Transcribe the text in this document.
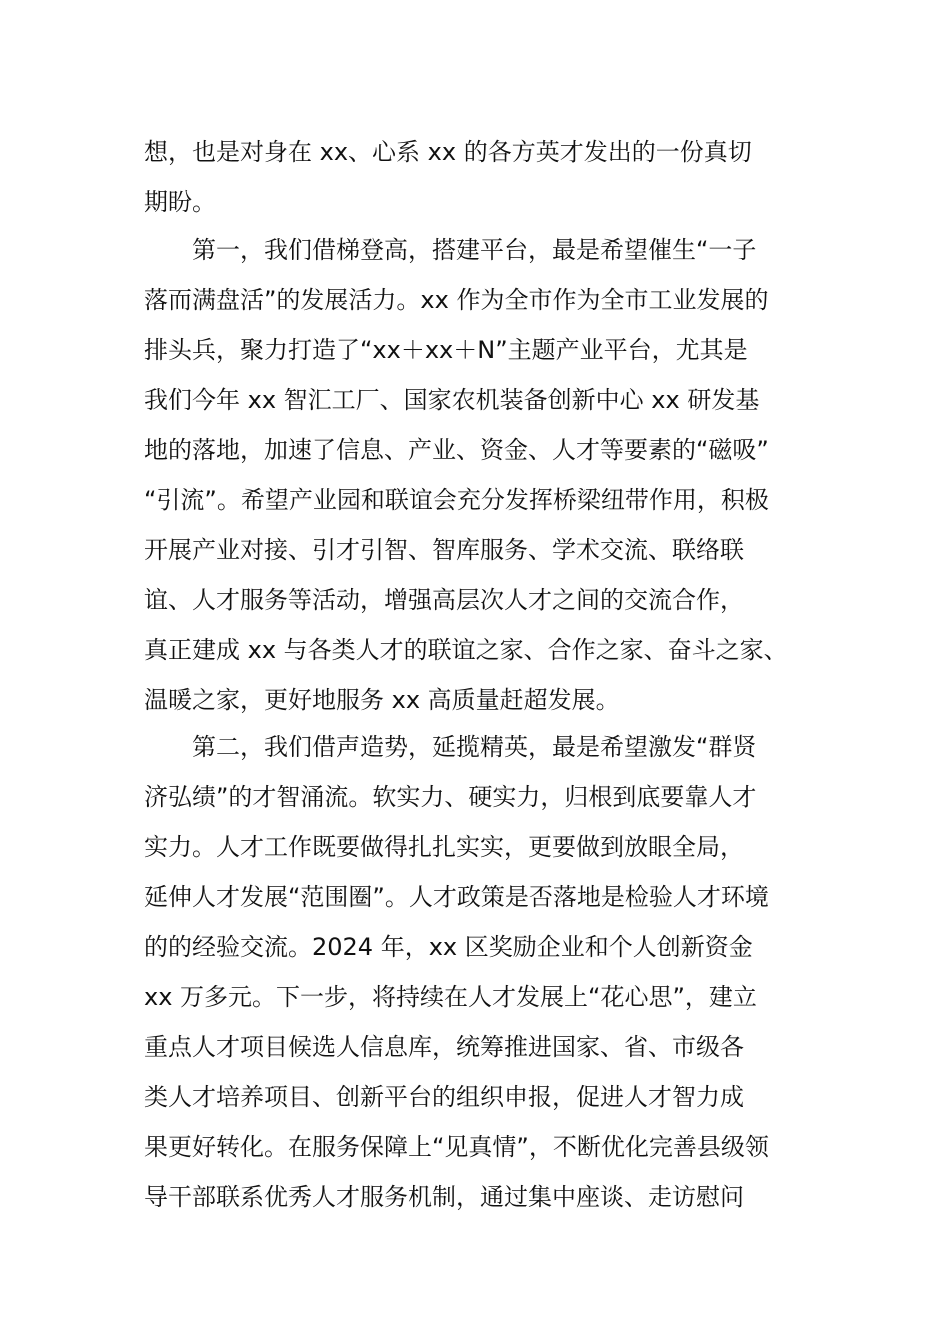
想，也是对身在 xx、心系 xx 的各方英才发出的一份真切
期盼。
第一，我们借梯登高，搭建平台，最是希望催生“一子
落而满盘活”的发展活力。xx 作为全市作为全市工业发展的
排头兵，聚力打造了“xx＋xx＋N”主题产业平台，尤其是
我们今年 xx 智汇工厂、国家农机装备创新中心 xx 研发基
地的落地，加速了信息、产业、资金、人才等要素的“磁吸”
“引流”。希望产业园和联谊会充分发挥桥梁纽带作用，积极
开展产业对接、引才引智、智库服务、学术交流、联络联
谊、人才服务等活动，增强高层次人才之间的交流合作，
真正建成 xx 与各类人才的联谊之家、合作之家、奋斗之家、
温暖之家，更好地服务 xx 高质量赶超发展。
第二，我们借声造势，延揽精英，最是希望激发“群贤
济弘绩”的才智涌流。软实力、硬实力，归根到底要靠人才
实力。人才工作既要做得扎扎实实，更要做到放眼全局，
延伸人才发展“范围圈”。人才政策是否落地是检验人才环境
的的经验交流。2024 年，xx 区奖励企业和个人创新资金
xx 万多元。下一步，将持续在人才发展上“花心思”，建立
重点人才项目候选人信息库，统筹推进国家、省、市级各
类人才培养项目、创新平台的组织申报，促进人才智力成
果更好转化。在服务保障上“见真情”，不断优化完善县级领
导干部联系优秀人才服务机制，通过集中座谈、走访慰问
